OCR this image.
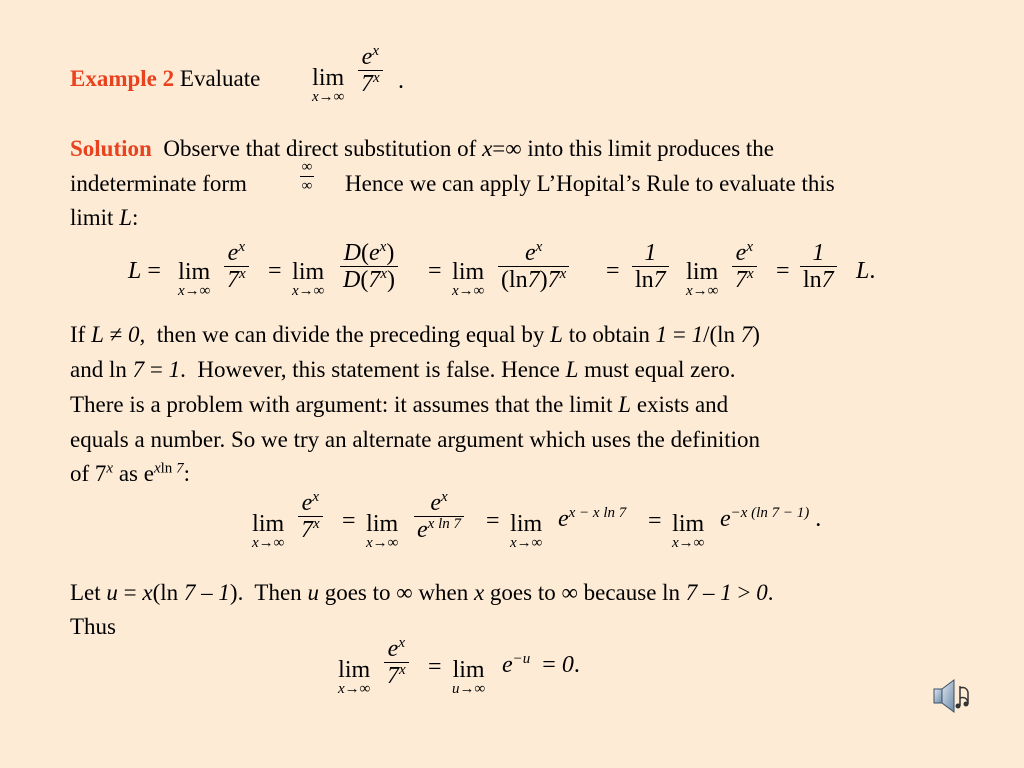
Example 2 Evaluate lim
x→∞
$e^x$
7$^x$ .
Solution Observe that direct substitution of x=∞ into this limit produces the
indeterminate form
∞
∞ Hence we can apply L’Hopital’s Rule to evaluate this
limit L:
L = lim
x→∞
$e^x$
$7^x = \lim$
x→∞
$D(e^x)$
$D(7^x) = \lim$
x→∞
$e^x$
$(\ln 7)7^x$ =
1
ln7 lim
x→∞
$e^x$
$7^x$ =
1
ln7 L.
If L ≠ 0,  then we can divide the preceding equal by L to obtain 1 = 1/(ln 7)
and ln 7 = 1.  However, this statement is false. Hence L must equal zero.
There is a problem with argument: it assumes that the limit L exists and
equals a number. So we try an alternate argument which uses the definition
of 7$^x$ as $e^{xln 7}$:
lim
x→∞
$e^x$
$7^x = \lim$
x→∞
$e^x$
$e^{x ln 7} = \lim$
x→∞
$e^{x - x ln 7} = \lim$
x→∞
$e^{-x (ln 7 - 1)}$ .
Let u = x(ln 7 – 1).  Then u goes to ∞ when x goes to ∞ because ln 7 – 1 > 0.
Thus
lim
x→∞
$e^x$
$7^x = \lim$
u→∞
$e^{-u} = 0$.
